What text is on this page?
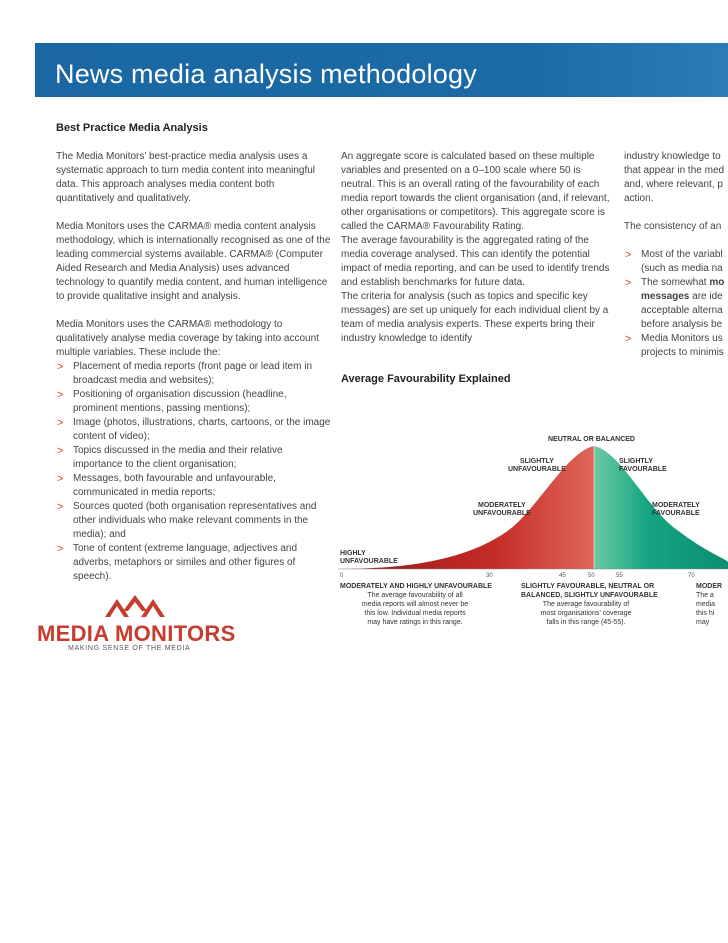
News media analysis methodology
Best Practice Media Analysis

The Media Monitors’ best-practice media analysis uses a systematic approach to turn media content into meaningful data. This approach analyses media content both quantitatively and qualitatively.

Media Monitors uses the CARMA® media content analysis methodology, which is internationally recognised as one of the leading commercial systems available. CARMA® (Computer Aided Research and Media Analysis) uses advanced technology to quantify media content, and human intelligence to provide qualitative insight and analysis.

Media Monitors uses the CARMA® methodology to qualitatively analyse media coverage by taking into account multiple variables. These include the:

> Placement of media reports (front page or lead item in broadcast media and websites);
> Positioning of organisation discussion (headline, prominent mentions, passing mentions);
> Image (photos, illustrations, charts, cartoons, or the image content of video);
> Topics discussed in the media and their relative importance to the client organisation;
> Messages, both favourable and unfavourable, communicated in media reports;
> Sources quoted (both organisation representatives and other individuals who make relevant comments in the media); and
> Tone of content (extreme language, adjectives and adverbs, metaphors or similes and other figures of speech).

An aggregate score is calculated based on these multiple variables and presented on a 0–100 scale where 50 is neutral. This is an overall rating of the favourability of each media report towards the client organisation (and, if relevant, other organisations or competitors). This aggregate score is called the CARMA® Favourability Rating.

The average favourability is the aggregated rating of the media coverage analysed. This can identify the potential impact of media reporting, and can be used to identify trends and establish benchmarks for future data.

The criteria for analysis (such as topics and specific key messages) are set up uniquely for each individual client by a team of media analysis experts. These experts bring their industry knowledge to identify

Average Favourability Explained
industry knowledge to
that appear in the med
and, where relevant, p
action.
The consistency of an
> Most of the variabl
(such as media na
> The somewhat mo
messages are ide
acceptable alterna
before analysis be
> Media Monitors us
projects to minimis
NEUTRAL OR BALANCED
SLIGHTLY
UNFAVOURABLE
SLIGHTLY
FAVOURABLE
MODERATELY
UNFAVOURABLE
MODERATELY
FAVOURABLE
HIGHLY
UNFAVOURABLE
0	30	45	50	55	70
MODERATELY AND HIGHLY UNFAVOURABLE
The average favourability of all
media reports will almost never be
this low. Individual media reports
may have ratings in this range.
SLIGHTLY FAVOURABLE, NEUTRAL OR
BALANCED, SLIGHTLY UNFAVOURABLE
The average favourability of
most organisations’ coverage
falls in this range (45-55).
MODER
The a
media
this hi
may
MEDIA MONITORS
MAKING SENSE OF THE MEDIA
